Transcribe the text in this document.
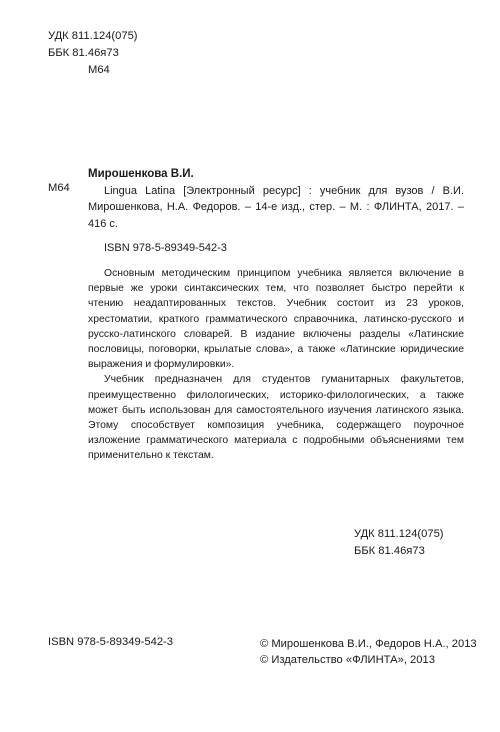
УДК 811.124(075)
ББК 81.46я73
М64
М64
Мирошенкова В.И.
Lingua Latina [Электронный ресурс] : учебник для вузов / В.И. Мирошенкова, Н.А. Федоров. – 14-е изд., стер. – М. : ФЛИНТА, 2017. – 416 с.
ISBN 978-5-89349-542-3

Основным методическим принципом учебника является включение в первые же уроки синтаксических тем, что позволяет быстро перейти к чтению неадаптированных текстов. Учебник состоит из 23 уроков, хрестоматии, краткого грамматического справочника, латинско-русского и русско-латинского словарей. В издание включены разделы «Латинские пословицы, поговорки, крылатые слова», а также «Латинские юридические выражения и формулировки».

Учебник предназначен для студентов гуманитарных факультетов, преимущественно филологических, историко-филологических, а также может быть использован для самостоятельного изучения латинского языка. Этому способствует композиция учебника, содержащего поурочное изложение грамматического материала с подробными объяснениями тем применительно к текстам.

УДК 811.124(075)
ББК 81.46я73
ISBN 978-5-89349-542-3	© Мирошенкова В.И., Федоров Н.А., 2013
© Издательство «ФЛИНТА», 2013
